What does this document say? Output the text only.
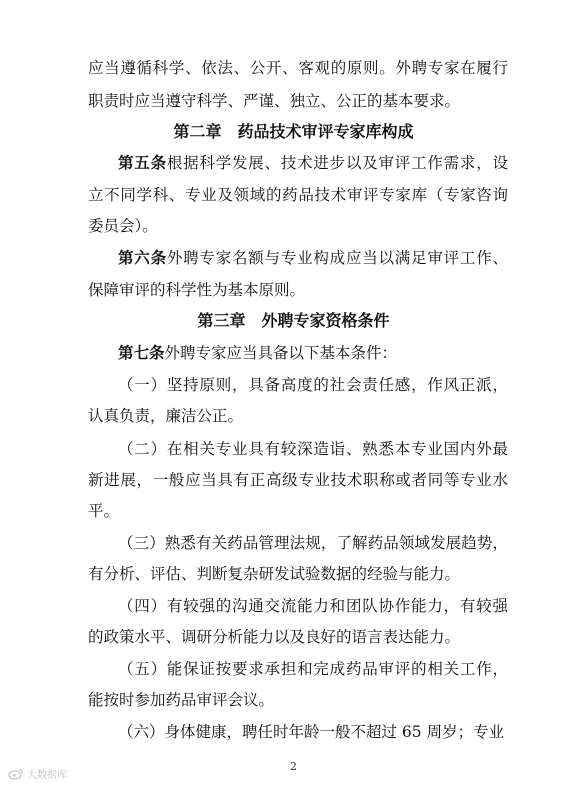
应当遵循科学、依法、公开、客观的原则。外聘专家在履行
职责时应当遵守科学、严谨、独立、公正的基本要求。
第二章　药品技术审评专家库构成
第五条根据科学发展、技术进步以及审评工作需求，设
立不同学科、专业及领域的药品技术审评专家库（专家咨询
委员会）。
第六条外聘专家名额与专业构成应当以满足审评工作、
保障审评的科学性为基本原则。
第三章　外聘专家资格条件
第七条外聘专家应当具备以下基本条件：
（一）坚持原则，具备高度的社会责任感，作风正派，
认真负责，廉洁公正。
（二）在相关专业具有较深造诣、熟悉本专业国内外最
新进展，一般应当具有正高级专业技术职称或者同等专业水
平。
（三）熟悉有关药品管理法规，了解药品领域发展趋势，
有分析、评估、判断复杂研发试验数据的经验与能力。
（四）有较强的沟通交流能力和团队协作能力，有较强
的政策水平、调研分析能力以及良好的语言表达能力。
（五）能保证按要求承担和完成药品审评的相关工作，
能按时参加药品审评会议。
（六）身体健康，聘任时年龄一般不超过 65 周岁；专业
2
大数据库
